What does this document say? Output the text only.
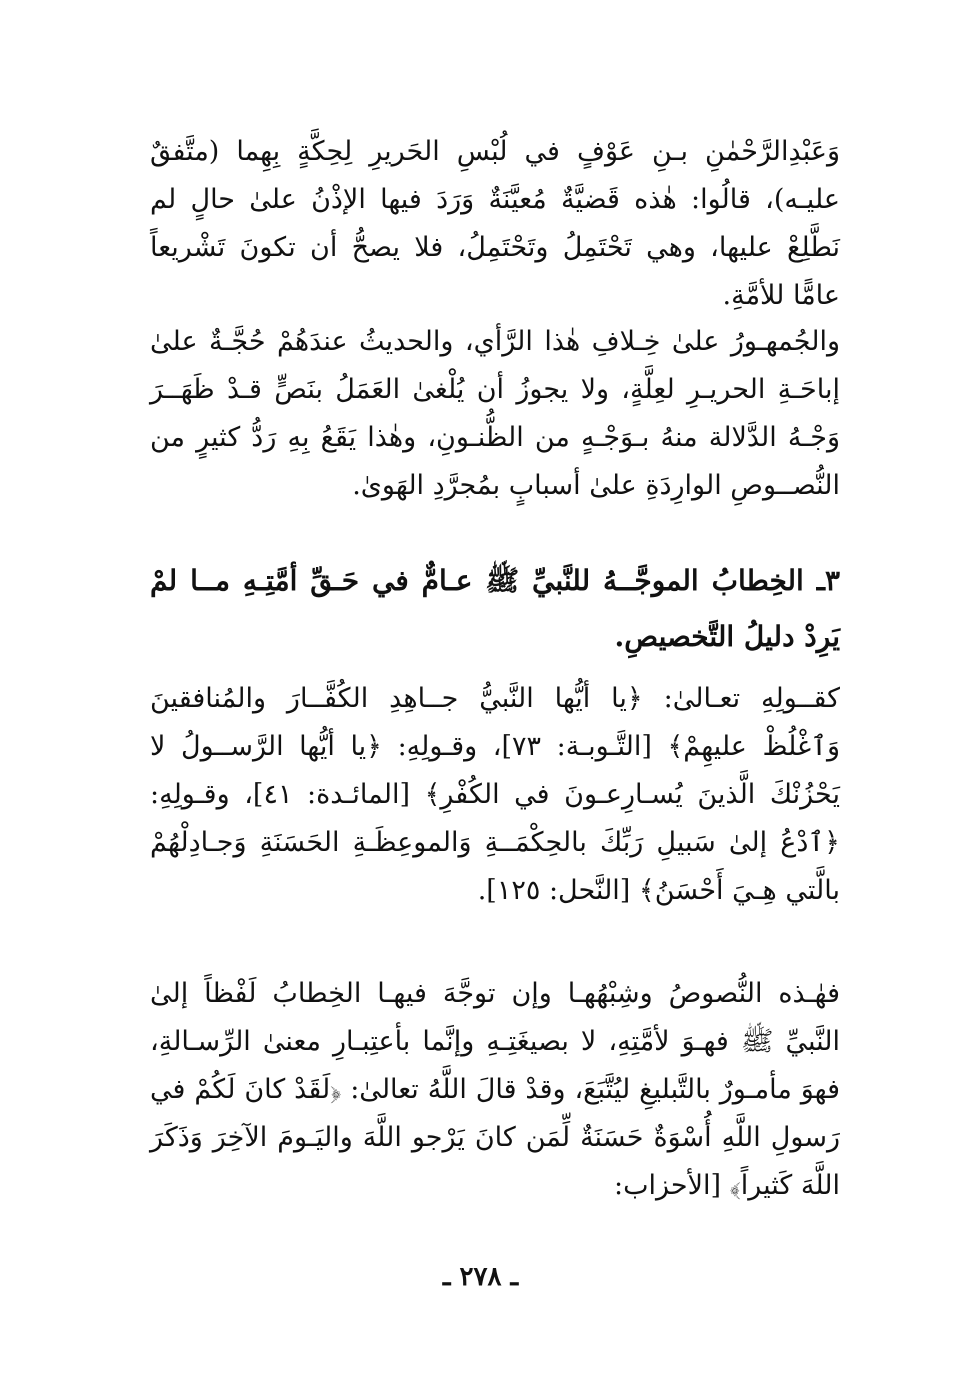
وَعَبْدِالرَّحْمٰنِ بـنِ عَوْفٍ في لُبْسِ الحَريرِ لِحِكَّةٍ بِهِما (متَّفقٌ عليـه)، قالُوا: هٰذه قَضيَّةٌ مُعيَّنَةٌ وَرَدَ فيها الإذْنُ علىٰ حالٍ لم نَطَّلِعْ عليها، وهي تَحْتَمِلُ وتَحْتَمِلُ، فلا يصحُّ أن تكونَ تَشْريعاً عامًّا للأمَّةِ.

والجُمهـورُ علىٰ خِـلافِ هٰذا الرَّأي، والحديثُ عندَهُمْ حُجَّـةٌ علىٰ إباحَـةِ الحريـرِ لعِلَّةٍ، ولا يجوزُ أن يُلْغىٰ العَمَلُ بنَصٍّ قـدْ ظَهَــرَ وَجْـهُ الدَّلالة منهُ بـوَجْـهٍ من الظُّنـونِ، وهٰذا يَقَعُ بِهِ رَدُّ كثيرٍ من النُّصــوصِ الوارِدَةِ علىٰ أسبابٍ بمُجرَّدِ الهَوىٰ.

٣ـ الخِطابُ الموجَّــهُ للنَّبيِّ ﷺ عـامٌّ في حَـقِّ أمَّتِـهِ مــا لمْ يَرِدْ دليلُ التَّخصيصِ.

كقــولِهِ تعـالىٰ: ﴿يا أيُّها النَّبيُّ جــاهِدِ الكُفَّــارَ والمُنافقينَ وَٱغْلُظْ عليهِمْ﴾ [التَّـوبـة: ٧٣]، وقـولِهِ: ﴿يا أيُّها الرَّســولُ لا يَحْزُنْكَ الَّذينَ يُسـارِعـونَ في الكُفْرِ﴾ [المائـدة: ٤١]، وقـولِهِ: ﴿ٱدْعُ إلىٰ سَبيلِ رَبِّكَ بالحِكْمَــةِ وَالموعِظَـةِ الحَسَنَةِ وَجـادِلْهُمْ بالَّتي هِـيَ أَحْسَنُ﴾ [النَّحل: ١٢٥].

فهٰـذه النُّصوصُ وشِبْهُهـا وإن توجَّهَ فيهـا الخِطابُ لَفْظاً إلىٰ النَّبيِّ ﷺ فهـوَ لأمَّتِهِ، لا بصيغَتِـهِ وإنَّما بأعتِبـارِ معنىٰ الرِّسـالةِ، فهوَ مأمـورٌ بالتَّبليغِ ليُتَّبَعَ، وقدْ قالَ اللَّهُ تعالىٰ: ﴿لَقَدْ كانَ لَكُمْ في رَسولِ اللَّهِ أُسْوَةٌ حَسَنَةٌ لِّمَن كانَ يَرْجو اللَّهَ واليَـومَ الآخِرَ وَذَكَرَ اللَّهَ كَثيراً﴾ [الأحزاب:

ـ ٢٧٨ ـ
